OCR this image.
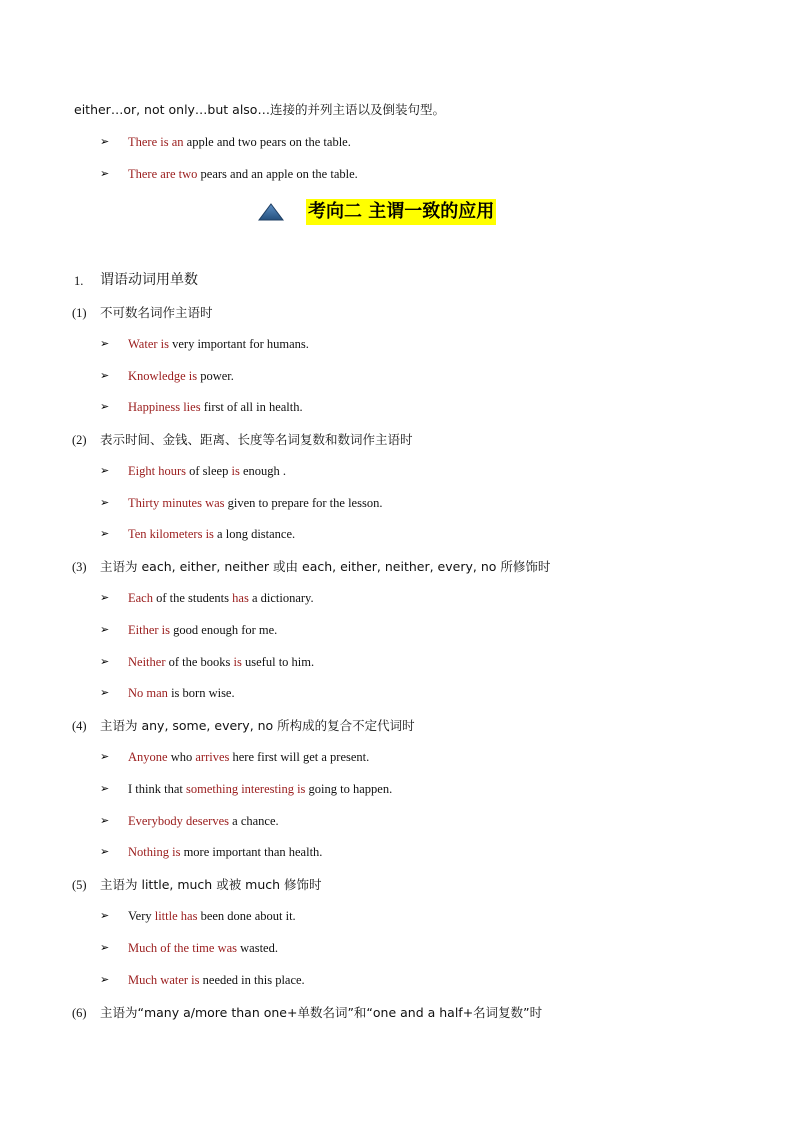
either…or, not only…but also…连接的并列主语以及倒装句型。
➢ There is an apple and two pears on the table.
➢ There are two pears and an apple on the table.
考向二 主谓一致的应用
1. 谓语动词用单数
(1) 不可数名词作主语时
➢ Water is very important for humans.
➢ Knowledge is power.
➢ Happiness lies first of all in health.
(2) 表示时间、金钱、距离、长度等名词复数和数词作主语时
➢ Eight hours of sleep is enough .
➢ Thirty minutes was given to prepare for the lesson.
➢ Ten kilometers is a long distance.
(3) 主语为 each, either, neither 或由 each, either, neither, every, no 所修饰时
➢ Each of the students has a dictionary.
➢ Either is good enough for me.
➢ Neither of the books is useful to him.
➢ No man is born wise.
(4) 主语为 any, some, every, no 所构成的复合不定代词时
➢ Anyone who arrives here first will get a present.
➢ I think that something interesting is going to happen.
➢ Everybody deserves a chance.
➢ Nothing is more important than health.
(5) 主语为 little, much 或被 much 修饰时
➢ Very little has been done about it.
➢ Much of the time was wasted.
➢ Much water is needed in this place.
(6) 主语为“many a/more than one+单数名词”和“one and a half+名词复数”时
